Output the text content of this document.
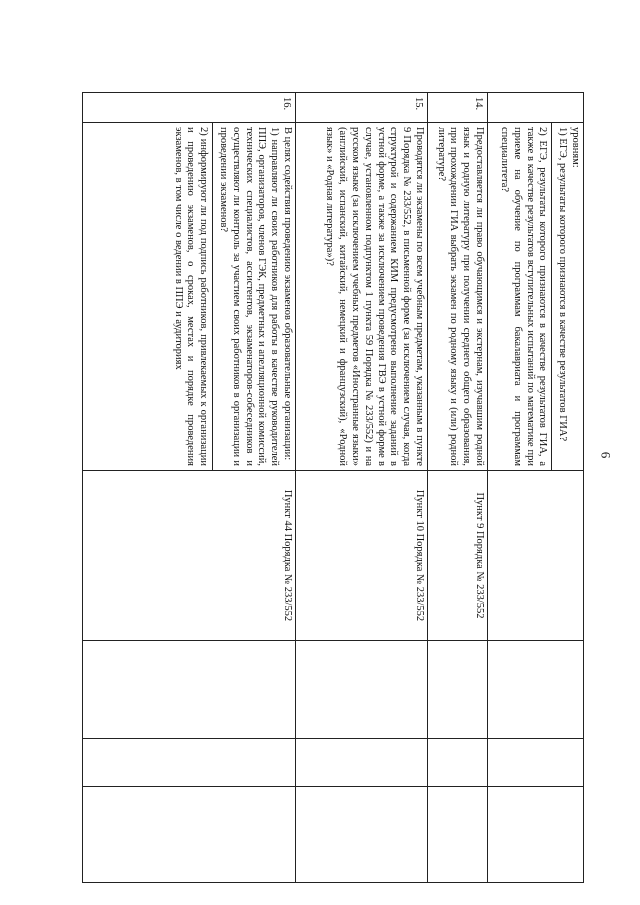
6

	уровням:
1) ЕГЭ, результаты которого признаются в качестве результатов ГИА?
2) ЕГЭ, результаты которого признаются в качестве результатов ГИА, а также в качестве результатов вступительных испытаний по математике при приеме на обучение по программам бакалавриата и программам специалитета?				

14.	Предоставляется ли право обучающимся и экстернам, изучавшим родной язык и родную литературу при получении среднего общего образования, при прохождении ГИА выбрать экзамен по родному языку и (или) родной литературе?	Пункт 9 Порядка № 233/552			
15.	Проводятся ли экзамены по всем учебным предметам, указанным в пункте 9 Порядка № 233/552, в письменной форме (за исключением случая, когда структурой и содержанием КИМ предусмотрено выполнение заданий в устной форме, а также за исключением проведения ГВЭ в устной форме в случае, установленном подпунктом 1 пункта 59 Порядка № 233/552) и на русском языке (за исключением учебных предметов «Иностранные языки» (английский, испанский, китайский, немецкий и французский), «Родной язык» и «Родная литература»)?	Пункт 10 Порядка № 233/552			
16.	В целях содействия проведению экзаменов образовательные организации:
1) направляют ли своих работников для работы в качестве руководителей ППЭ, организаторов, членов ГЭК, предметных и апелляционной комиссий, технических специалистов, ассистентов, экзаменаторов-собеседников и осуществляют ли контроль за участием своих работников в организации и проведении экзаменов?
2) информируют ли под подпись работников, привлекаемых к организации и проведению экзаменов, о сроках, местах и порядке проведения экзаменов, в том числе о ведении в ППЭ и аудиториях	Пункт 44 Порядка № 233/552			
